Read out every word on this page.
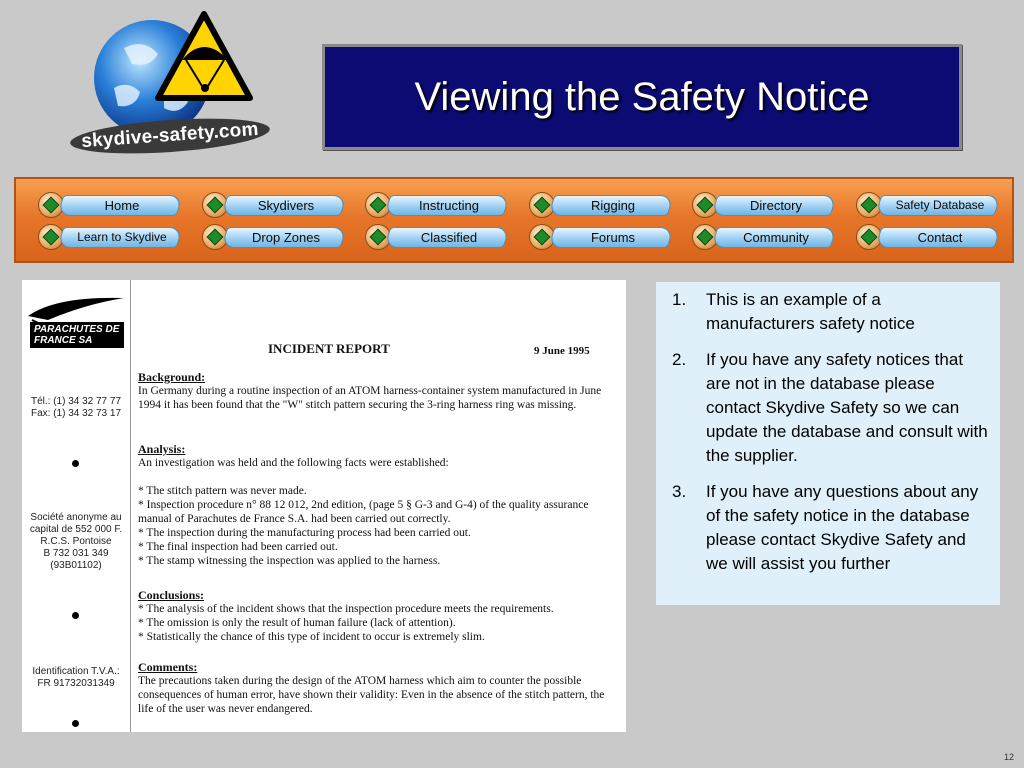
skydive-safety.com
Viewing the Safety Notice
Home	Skydivers	Instructing	Rigging	Directory	Safety Database
Learn to Skydive	Drop Zones	Classified	Forums	Community	Contact
PARACHUTES DE FRANCE SA
Tél.: (1) 34 32 77 77
Fax: (1) 34 32 73 17
Société anonyme au
capital de 552 000 F.
R.C.S. Pontoise
B 732 031 349
(93B01102)
Identification T.V.A.:
FR 91732031349
INCIDENT REPORT	9 June 1995
Background:

In Germany during a routine inspection of an ATOM harness-container system manufactured in June 1994 it has been found that the "W" stitch pattern securing the 3-ring harness ring was missing.

Analysis:

An investigation was held and the following facts were established:

* The stitch pattern was never made.

* Inspection procedure n° 88 12 012, 2nd edition, (page 5 § G-3 and G-4) of the quality assurance manual of Parachutes de France S.A. had been carried out correctly.

* The inspection during the manufacturing process had been carried out.

* The final inspection had been carried out.

* The stamp witnessing the inspection was applied to the harness.

Conclusions:

* The analysis of the incident shows that the inspection procedure meets the requirements.

* The omission is only the result of human failure (lack of attention).

* Statistically the chance of this type of incident to occur is extremely slim.

Comments:

The precautions taken during the design of the ATOM harness which aim to counter the possible consequences of human error, have shown their validity: Even in the absence of the stitch pattern, the life of the user was never endangered.

1. This is an example of a manufacturers safety notice
2. If you have any safety notices that are not in the database please contact Skydive Safety so we can update the database and consult with the supplier.
3. If you have any questions about any of the safety notice in the database please contact Skydive Safety and we will assist you further
12
